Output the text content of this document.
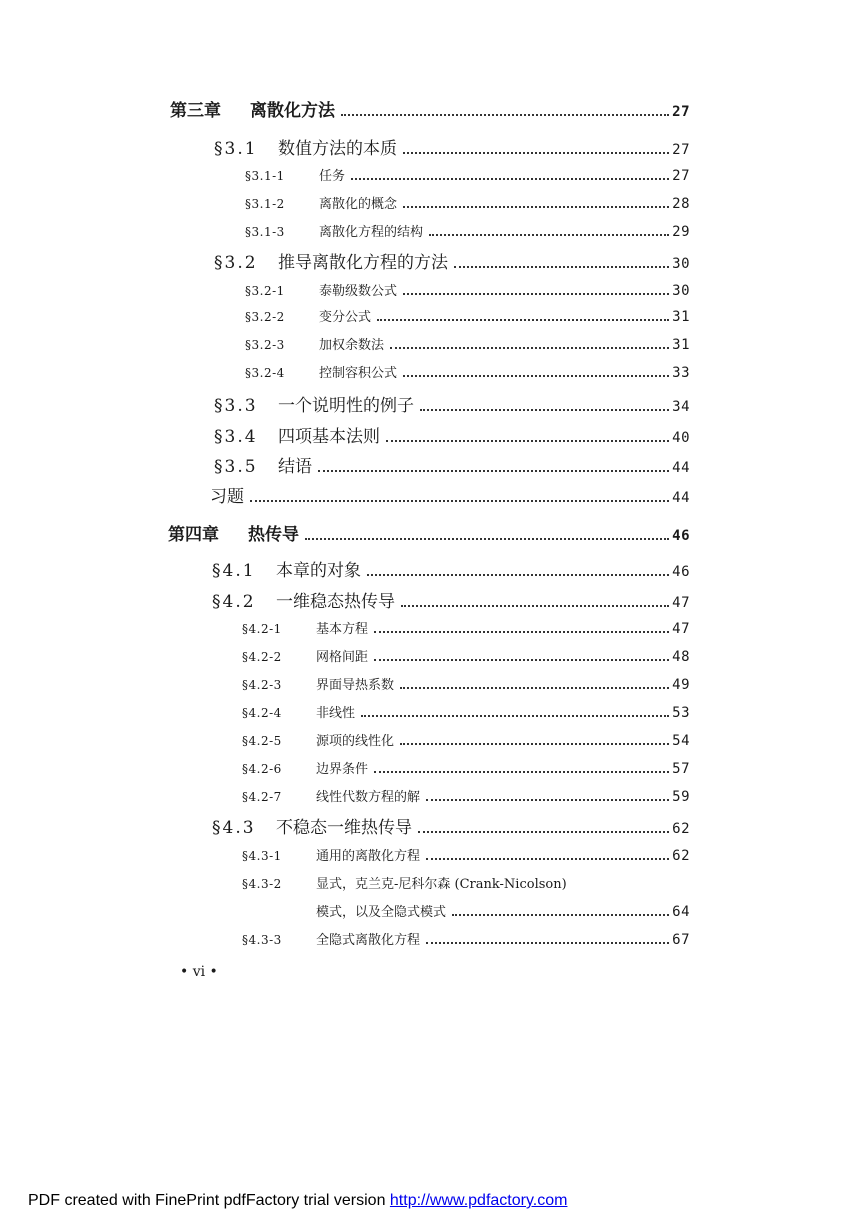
第三章	离散化方法	27
§3.1	数值方法的本质	27
§3.1-1	任务	27
§3.1-2	离散化的概念	28
§3.1-3	离散化方程的结构	29
§3.2	推导离散化方程的方法	30
§3.2-1	泰勒级数公式	30
§3.2-2	变分公式	31
§3.2-3	加权余数法	31
§3.2-4	控制容积公式	33
§3.3	一个说明性的例子	34
§3.4	四项基本法则	40
§3.5	结语	44
习题	44
第四章	热传导	46
§4.1	本章的对象	46
§4.2	一维稳态热传导	47
§4.2-1	基本方程	47
§4.2-2	网格间距	48
§4.2-3	界面导热系数	49
§4.2-4	非线性	53
§4.2-5	源项的线性化	54
§4.2-6	边界条件	57
§4.2-7	线性代数方程的解	59
§4.3	不稳态一维热传导	62
§4.3-1	通用的离散化方程	62
§4.3-2	显式，克兰克-尼科尔森 (Crank-Nicolson)
模式，以及全隐式模式	64
§4.3-3	全隐式离散化方程	67
• vi •
PDF created with FinePrint pdfFactory trial version http://www.pdfactory.com
